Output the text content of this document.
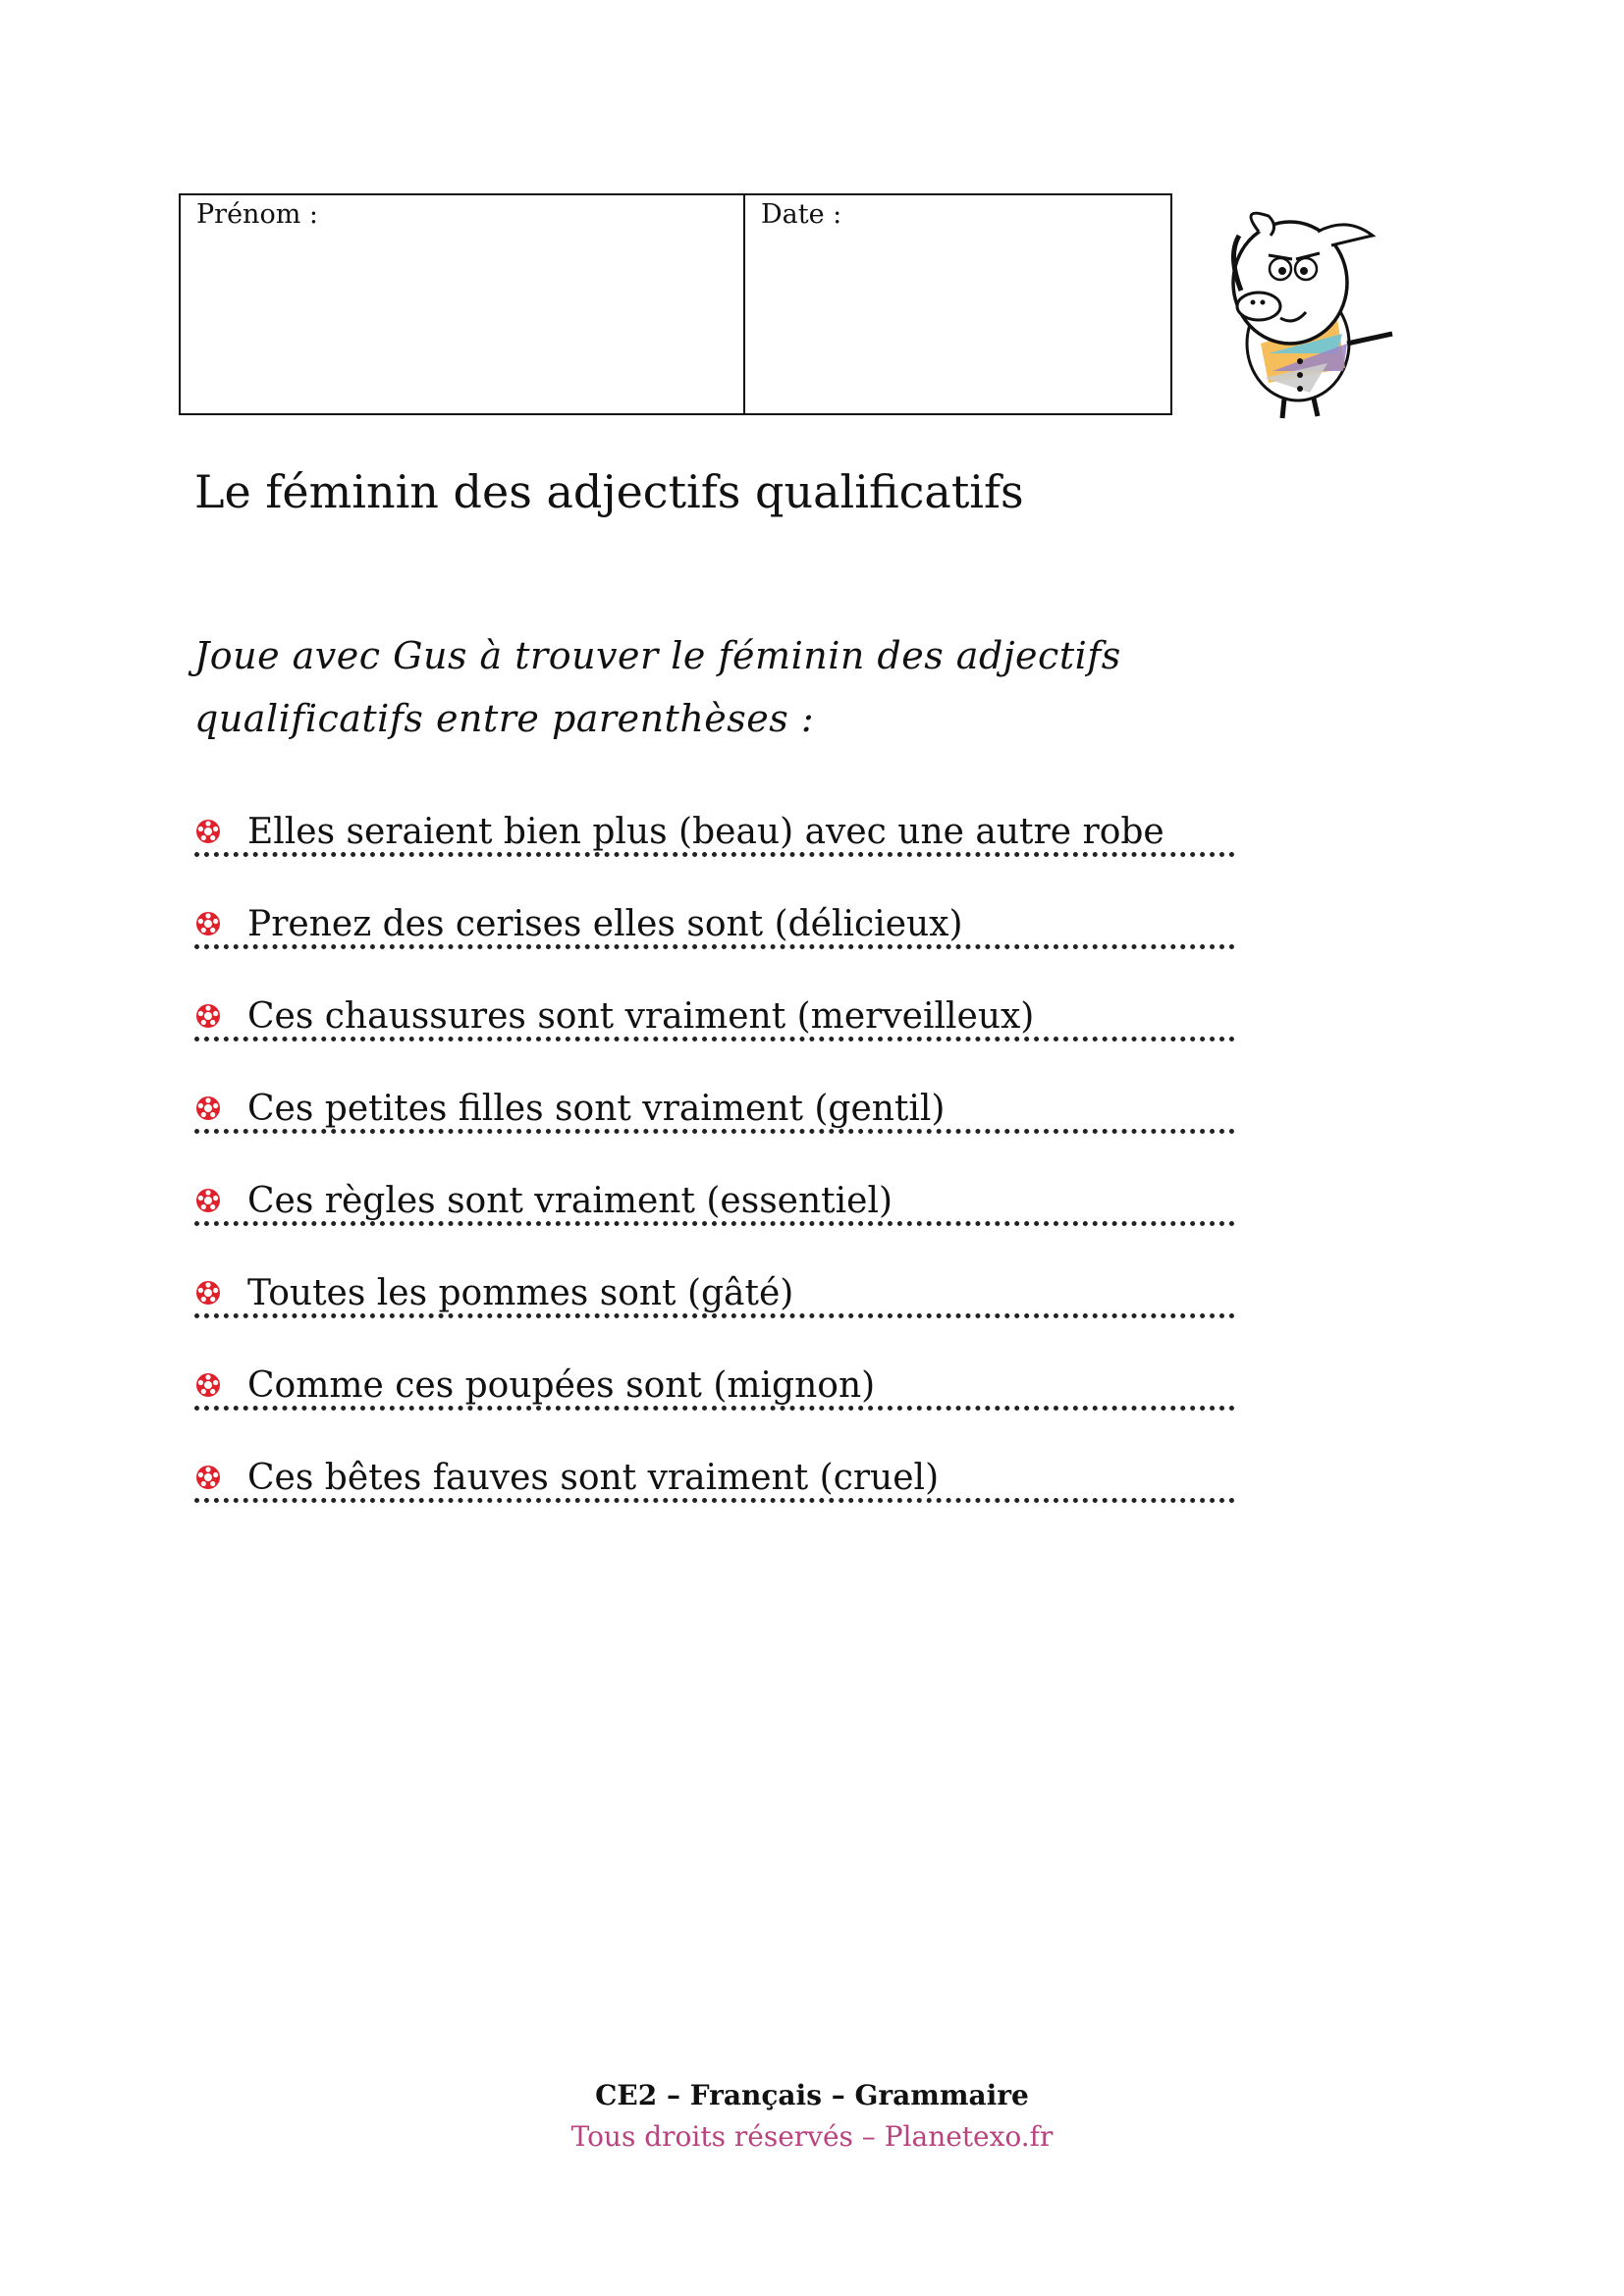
Prénom :	Date :
Le féminin des adjectifs qualificatifs
Joue avec Gus à trouver le féminin des adjectifs qualificatifs entre parenthèses :
Elles seraient bien plus (beau) avec une autre robe
Prenez des cerises elles sont (délicieux)
Ces chaussures sont vraiment (merveilleux)
Ces petites filles sont vraiment (gentil)
Ces règles sont vraiment (essentiel)
Toutes les pommes sont (gâté)
Comme ces poupées sont (mignon)
Ces bêtes fauves sont vraiment (cruel)
CE2 – Français – Grammaire
Tous droits réservés – Planetexo.fr
